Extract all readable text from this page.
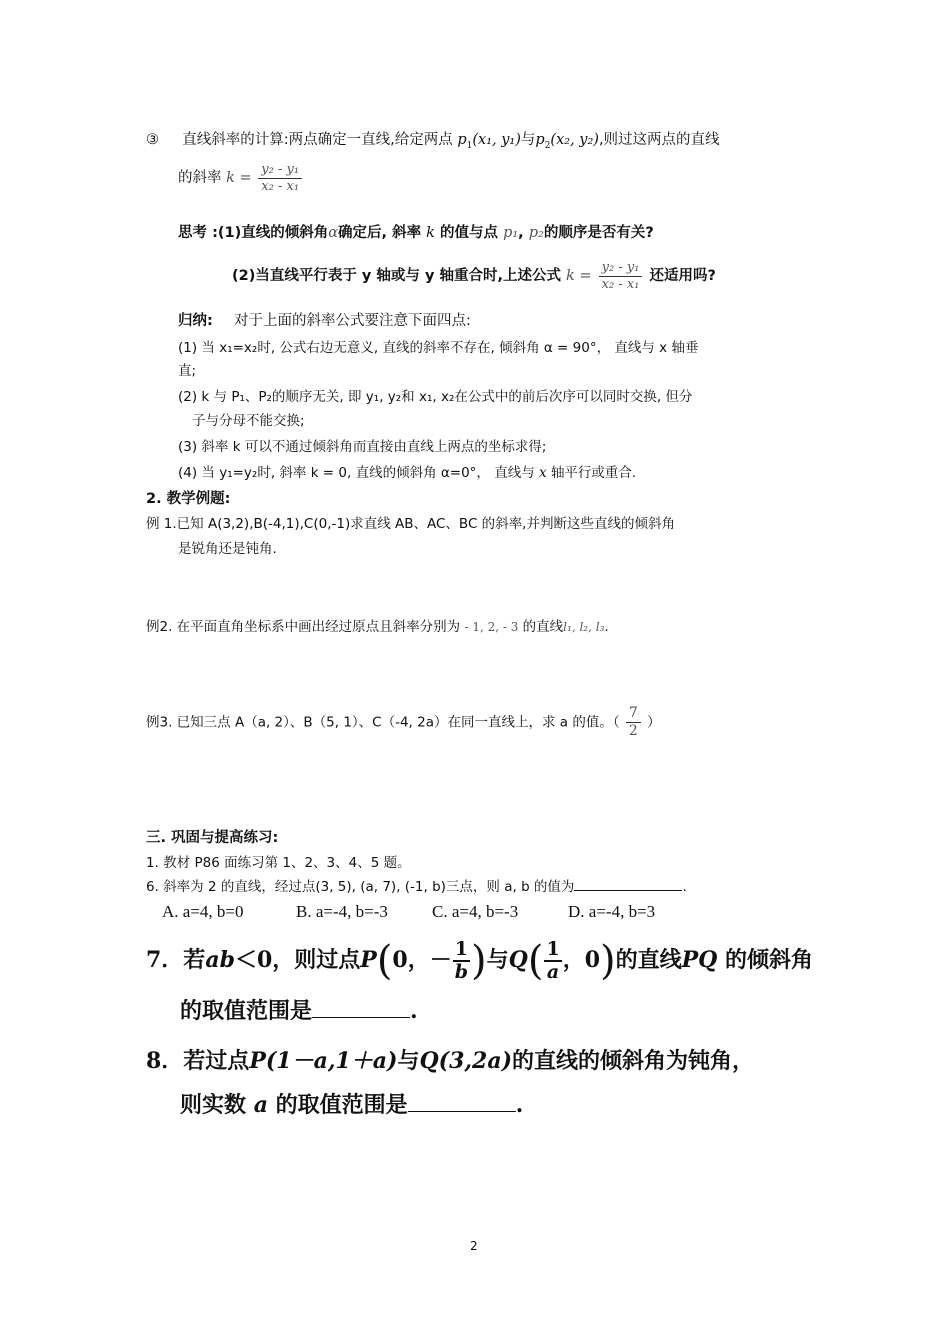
③ 直线斜率的计算:两点确定一直线,给定两点 $p_1(x_1$, y₁)与$p_2(x_2$, y₂),则过这两点的直线
的斜率 $k = \frac{\text{y₂ - y₁}}{\text{x₂ - x₁}}$
思考 :(1)直线的倾斜角α确定后, 斜率 k 的值与点 p₁, p₂的顺序是否有关?
(2)当直线平行表于 y 轴或与 y 轴重合时,上述公式 $k = \frac{\text{y₂ - y₁}}{\text{x₂ - x₁}}$ 还适用吗?
归纳: 对于上面的斜率公式要注意下面四点:
(1) 当 x₁=x₂时, 公式右边无意义, 直线的斜率不存在, 倾斜角 α = 90°， 直线与 x 轴垂
直;
(2) k 与 P₁、P₂的顺序无关, 即 y₁, y₂和 x₁, x₂在公式中的前后次序可以同时交换, 但分
子与分母不能交换;
(3) 斜率 k 可以不通过倾斜角而直接由直线上两点的坐标求得;
(4) 当 y₁=y₂时, 斜率 k = 0, 直线的倾斜角 α=0°， 直线与 x 轴平行或重合.
2. 教学例题:
例 1.已知 A(3,2),B(-4,1),C(0,-1)求直线 AB、AC、BC 的斜率,并判断这些直线的倾斜角
是锐角还是钝角.
例2. 在平面直角坐标系中画出经过原点且斜率分别为 - 1, 2, - 3 的直线l₁, l₂, l₃.
例3. 已知三点 A（a, 2）、B（5, 1）、C（-4, 2a）在同一直线上，求 a 的值。（ $\frac{7}{2}$ ）
三. 巩固与提高练习:
1. 教材 P86 面练习第 1、2、3、4、5 题。
6. 斜率为 2 的直线，经过点(3, 5), (a, 7), (-1, b)三点，则 a, b 的值为	.
A. a=4, b=0	B. a=-4, b=-3	C. a=4, b=-3	D. a=-4, b=3
7．若ab＜0，则过点P(0，－ $\frac{1}{b}$ )与$Q( \frac{1}{a}$ ，0)的直线PQ 的倾斜角
的取值范围是	.
8．若过点P(1－a,1＋a)与Q(3,2a)的直线的倾斜角为钝角，
则实数 a 的取值范围是	.
2
